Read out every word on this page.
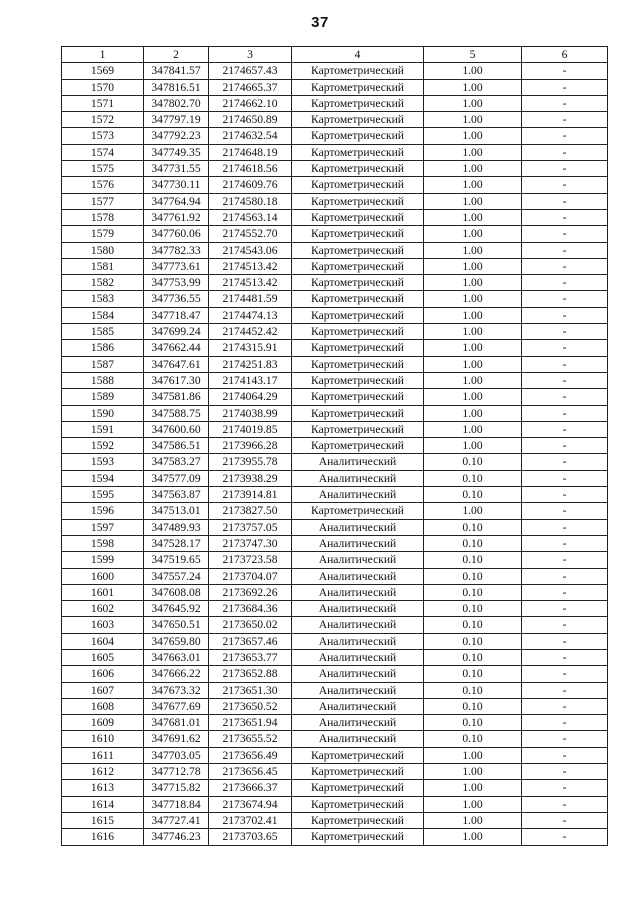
37
1	2	3	4	5	6
1569	347841.57	2174657.43	Картометрический	1.00	-
1570	347816.51	2174665.37	Картометрический	1.00	-
1571	347802.70	2174662.10	Картометрический	1.00	-
1572	347797.19	2174650.89	Картометрический	1.00	-
1573	347792.23	2174632.54	Картометрический	1.00	-
1574	347749.35	2174648.19	Картометрический	1.00	-
1575	347731.55	2174618.56	Картометрический	1.00	-
1576	347730.11	2174609.76	Картометрический	1.00	-
1577	347764.94	2174580.18	Картометрический	1.00	-
1578	347761.92	2174563.14	Картометрический	1.00	-
1579	347760.06	2174552.70	Картометрический	1.00	-
1580	347782.33	2174543.06	Картометрический	1.00	-
1581	347773.61	2174513.42	Картометрический	1.00	-
1582	347753.99	2174513.42	Картометрический	1.00	-
1583	347736.55	2174481.59	Картометрический	1.00	-
1584	347718.47	2174474.13	Картометрический	1.00	-
1585	347699.24	2174452.42	Картометрический	1.00	-
1586	347662.44	2174315.91	Картометрический	1.00	-
1587	347647.61	2174251.83	Картометрический	1.00	-
1588	347617.30	2174143.17	Картометрический	1.00	-
1589	347581.86	2174064.29	Картометрический	1.00	-
1590	347588.75	2174038.99	Картометрический	1.00	-
1591	347600.60	2174019.85	Картометрический	1.00	-
1592	347586.51	2173966.28	Картометрический	1.00	-
1593	347583.27	2173955.78	Аналитический	0.10	-
1594	347577.09	2173938.29	Аналитический	0.10	-
1595	347563.87	2173914.81	Аналитический	0.10	-
1596	347513.01	2173827.50	Картометрический	1.00	-
1597	347489.93	2173757.05	Аналитический	0.10	-
1598	347528.17	2173747.30	Аналитический	0.10	-
1599	347519.65	2173723.58	Аналитический	0.10	-
1600	347557.24	2173704.07	Аналитический	0.10	-
1601	347608.08	2173692.26	Аналитический	0.10	-
1602	347645.92	2173684.36	Аналитический	0.10	-
1603	347650.51	2173650.02	Аналитический	0.10	-
1604	347659.80	2173657.46	Аналитический	0.10	-
1605	347663.01	2173653.77	Аналитический	0.10	-
1606	347666.22	2173652.88	Аналитический	0.10	-
1607	347673.32	2173651.30	Аналитический	0.10	-
1608	347677.69	2173650.52	Аналитический	0.10	-
1609	347681.01	2173651.94	Аналитический	0.10	-
1610	347691.62	2173655.52	Аналитический	0.10	-
1611	347703.05	2173656.49	Картометрический	1.00	-
1612	347712.78	2173656.45	Картометрический	1.00	-
1613	347715.82	2173666.37	Картометрический	1.00	-
1614	347718.84	2173674.94	Картометрический	1.00	-
1615	347727.41	2173702.41	Картометрический	1.00	-
1616	347746.23	2173703.65	Картометрический	1.00	-
